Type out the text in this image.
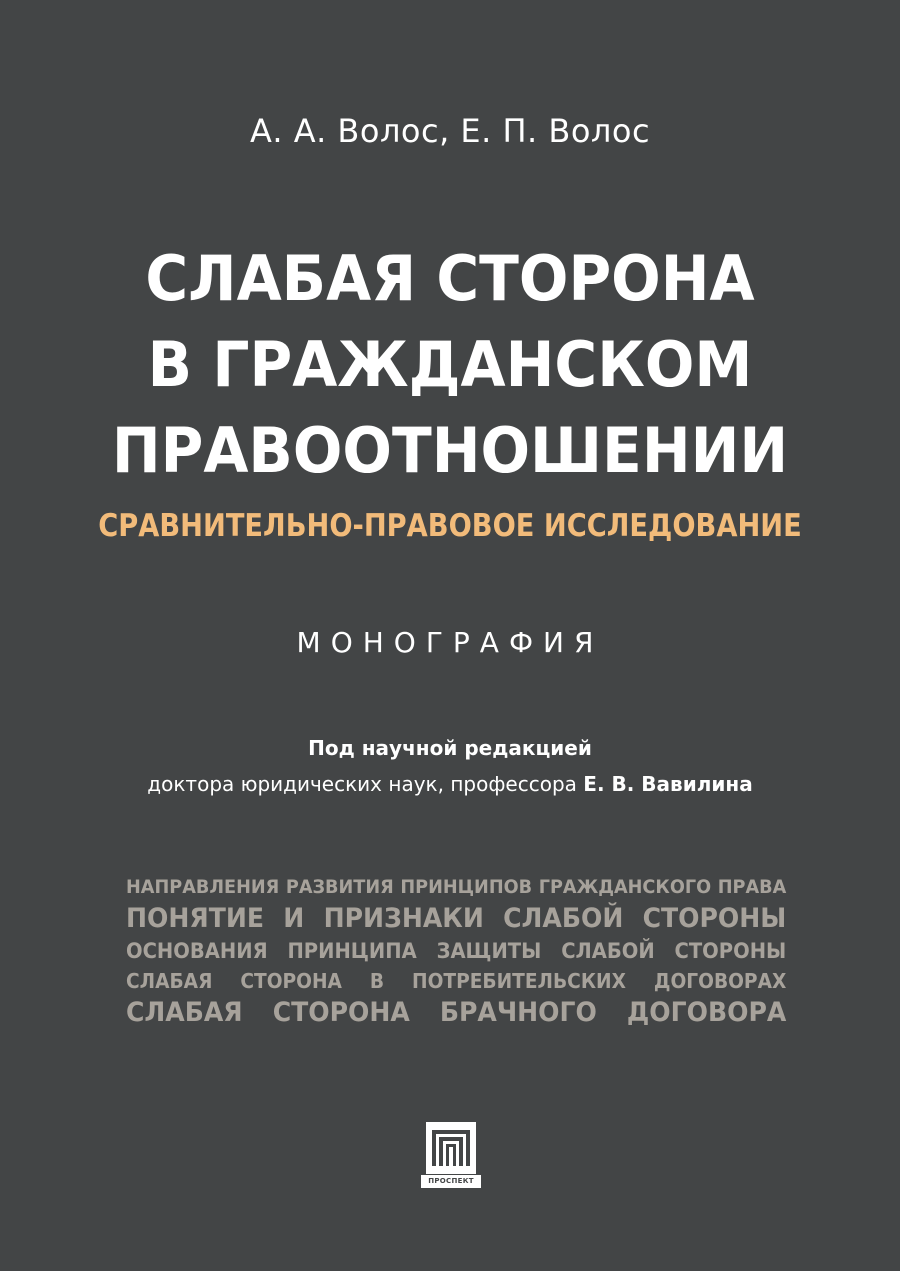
А. А. Волос, Е. П. Волос
СЛАБАЯ СТОРОНА
В ГРАЖДАНСКОМ
ПРАВООТНОШЕНИИ
СРАВНИТЕЛЬНО-ПРАВОВОЕ ИССЛЕДОВАНИЕ
МОНОГРАФИЯ
Под научной редакцией
доктора юридических наук, профессора Е. В. Вавилина
НАПРАВЛЕНИЯ РАЗВИТИЯ ПРИНЦИПОВ ГРАЖДАНСКОГО ПРАВА
ПОНЯТИЕ И ПРИЗНАКИ СЛАБОЙ СТОРОНЫ
ОСНОВАНИЯ ПРИНЦИПА ЗАЩИТЫ СЛАБОЙ СТОРОНЫ
СЛАБАЯ СТОРОНА В ПОТРЕБИТЕЛЬСКИХ ДОГОВОРАХ
СЛАБАЯ СТОРОНА БРАЧНОГО ДОГОВОРА
ПРОСПЕКТ
